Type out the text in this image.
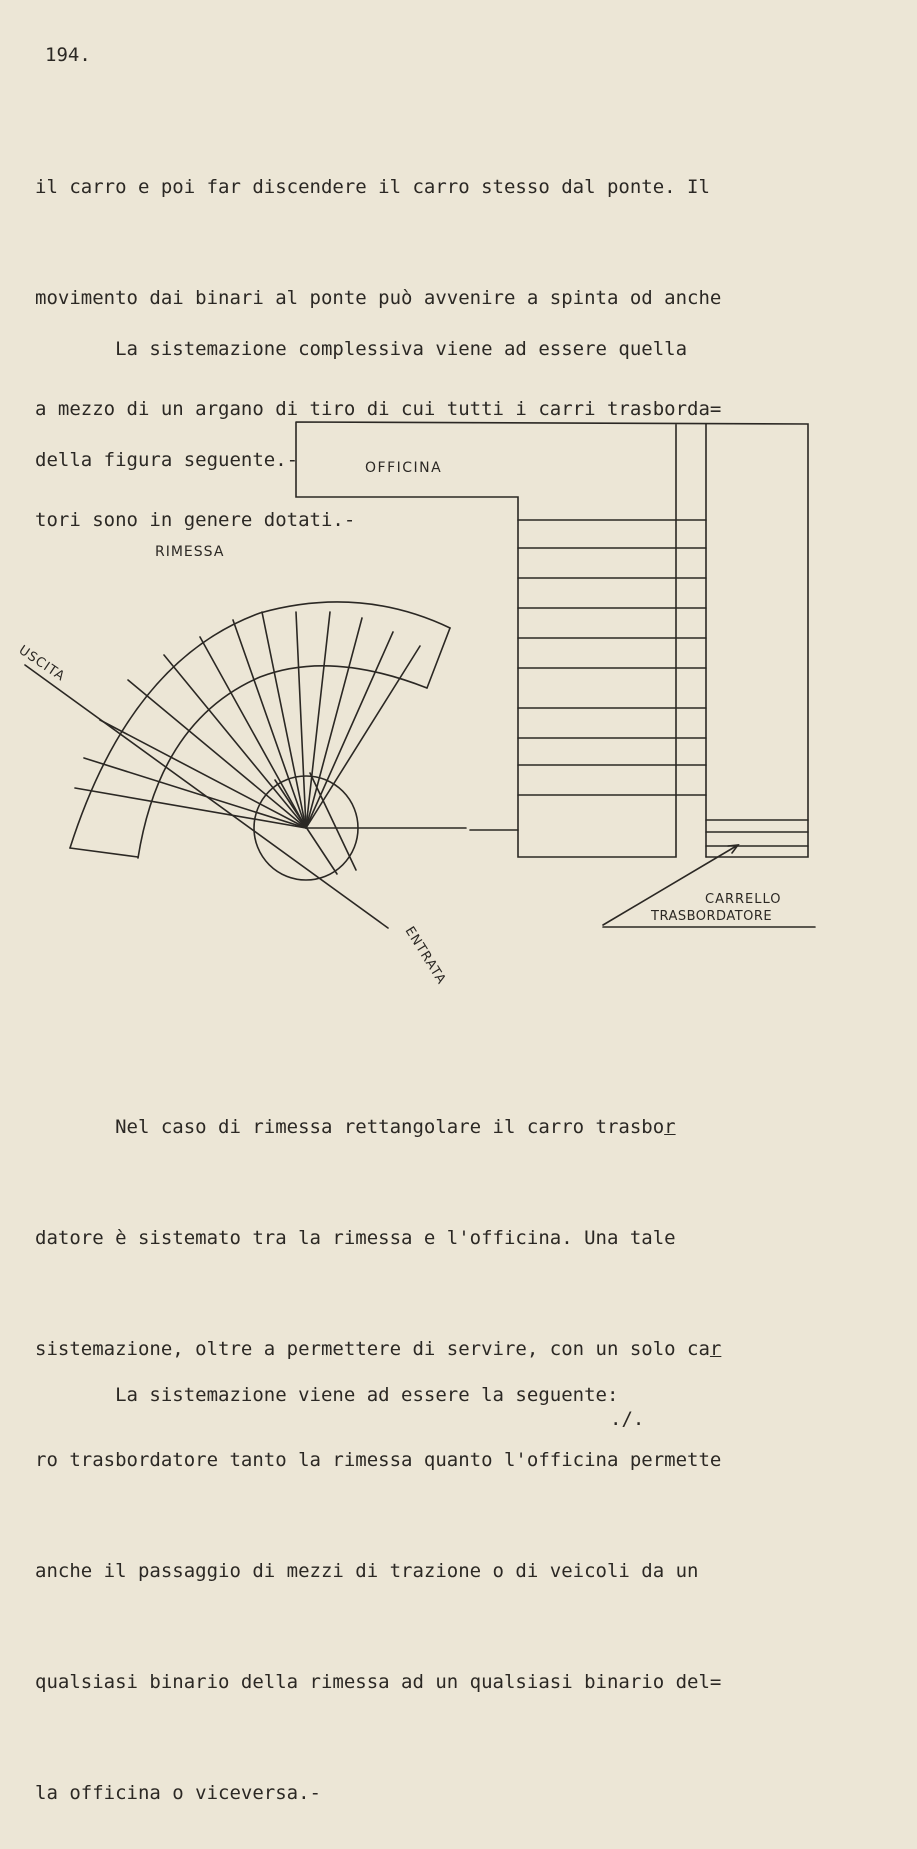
194.

il carro e poi far discendere il carro stesso dal ponte. Il

movimento dai binari al ponte può avvenire a spinta od anche

a mezzo di un argano di tiro di cui tutti i carri trasborda=

tori sono in genere dotati.-

La sistemazione complessiva viene ad essere quella

della figura seguente.-	OFFICINA
RIMESSA
USCITA
ENTRATA
CARRELLO
TRASBORDATORE

Nel caso di rimessa rettangolare il carro trasbor

datore è sistemato tra la rimessa e l'officina. Una tale

sistemazione, oltre a permettere di servire, con un solo car

ro trasbordatore tanto la rimessa quanto l'officina permette

anche il passaggio di mezzi di trazione o di veicoli da un

qualsiasi binario della rimessa ad un qualsiasi binario del=

la officina o viceversa.-

La sistemazione viene ad essere la seguente:

./.
